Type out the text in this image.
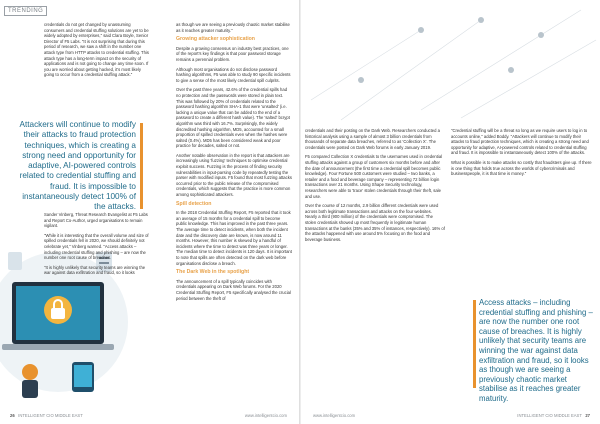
TRENDING

credentials do not get changed by unassuming consumers and credential stuffing solutions are yet to be widely adopted by enterprises," said Clara Boyle, Senior Director of F5 Labs. "It is not surprising that during this period of research, we saw a shift in the number one attack type from HTTP attacks to credential stuffing. This attack type has a long-term impact on the security of applications and is not going to change any time soon. If you are worried about getting hacked, it's most likely going to occur from a credential stuffing attack."

Attackers will continue to modify their attacks to fraud protection techniques, which is creating a strong need and opportunity for adaptive, AI-powered controls related to credential stuffing and fraud. It is impossible to instantaneously detect 100% of the attacks.

Sander Vinberg, Threat Research Evangelist at F5 Labs and Report Co-Author, urged organisations to remain vigilant.

"While it is interesting that the overall volume and size of spilled credentials fell in 2020, we should definitely not celebrate yet," Vinberg warned. "Access attacks – including credential stuffing and phishing – are now the number one root cause of breaches.

"It is highly unlikely that security teams are winning the war against data exfiltration and fraud, so it looks

as though we are seeing a previously chaotic market stabilise as it reaches greater maturity."

Growing attacker sophistication

Despite a growing consensus on industry best practices, one of the report's key findings is that poor password storage remains a perennial problem.

Although most organisations do not disclose password hashing algorithms, F5 was able to study 90 specific incidents to give a sense of the most likely credential spill culprits.

Over the past three years, 42.6% of the credential spills had no protection and the passwords were stored in plain text. This was followed by 20% of credentials related to the password hashing algorithm SHA-1 that were 'unsalted' (i.e. lacking a unique value that can be added to the end of a password to create a different hash value). The 'salted' bcrypt algorithm was third with 16.7%. Surprisingly, the widely discredited hashing algorithm, MD5, accounted for a small proportion of spilled credentials even when the hashes were salted (0.4%). MD5 has been considered weak and poor practice for decades, salted or not.

Another notable observation in the report is that attackers are increasingly using 'fuzzing' techniques to optimise credential exploit success. Fuzzing is the process of finding security vulnerabilities in input-parsing code by repeatedly testing the parser with modified inputs. F5 found that most fuzzing attacks occurred prior to the public release of the compromised credentials, which suggests that the practice is more common among sophisticated attackers.

Spill detection

In the 2018 Credential Stuffing Report, F5 reported that it took an average of 15 months for a credential spill to become public knowledge. This has improved in the past three years. The average time to detect incidents, when both the incident date and the discovery date are known, is now around 11 months. However, this number is skewed by a handful of incidents where the time to detect was three years or longer. The median time to detect incidents is 120 days. It is important to note that spills are often detected on the dark web before organisations disclose a breach.

The Dark Web in the spotlight

The announcement of a spill typically coincides with credentials appearing on Dark Web forums. For the 2020 Credential Stuffing Report, F5 specifically analysed the crucial period between the theft of

26 INTELLIGENT CIO MIDDLE EAST	www.intelligentcio.com

credentials and their posting on the Dark Web. Researchers conducted a historical analysis using a sample of almost 3 billion credentials from thousands of separate data breaches, referred to as 'Collection X'. The credentials were posted on Dark Web forums in early January 2019.

F5 compared Collection X credentials to the usernames used in credential stuffing attacks against a group of customers six months before and after the date of announcement (the first time a credential spill becomes public knowledge). Four Fortune 500 customers were studied – two banks, a retailer and a food and beverage company – representing 72 billion login transactions over 21 months. Using Shape Security technology, researchers were able to 'trace' stolen credentials through their theft, sale and use.

Over the course of 12 months, 2.9 billion different credentials were used across both legitimate transactions and attacks on the four websites. Nearly a third (900 million) of the credentials were compromised. The stolen credentials showed up most frequently in legitimate human transactions at the banks (35% and 35% of instances, respectively). 16% of the attacks happened with use around 5% focusing on the food and beverage business.

"Credential stuffing will be a threat so long as we require users to log in to accounts online," added Boddy. "Attackers will continue to modify their attacks to fraud protection techniques, which is creating a strong need and opportunity for adaptive, AI-powered controls related to credential stuffing and fraud. It is impossible to instantaneously detect 100% of the attacks.

What is possible is to make attacks so costly that fraudsters give up. If there is one thing that holds true across the worlds of cybercriminals and businesspeople, it is that time is money."

Access attacks – including credential stuffing and phishing – are now the number one root cause of breaches. It is highly unlikely that security teams are winning the war against data exfiltration and fraud, so it looks as though we are seeing a previously chaotic market stabilise as it reaches greater maturity.
www.intelligentcio.com	INTELLIGENT CIO MIDDLE EAST 27
